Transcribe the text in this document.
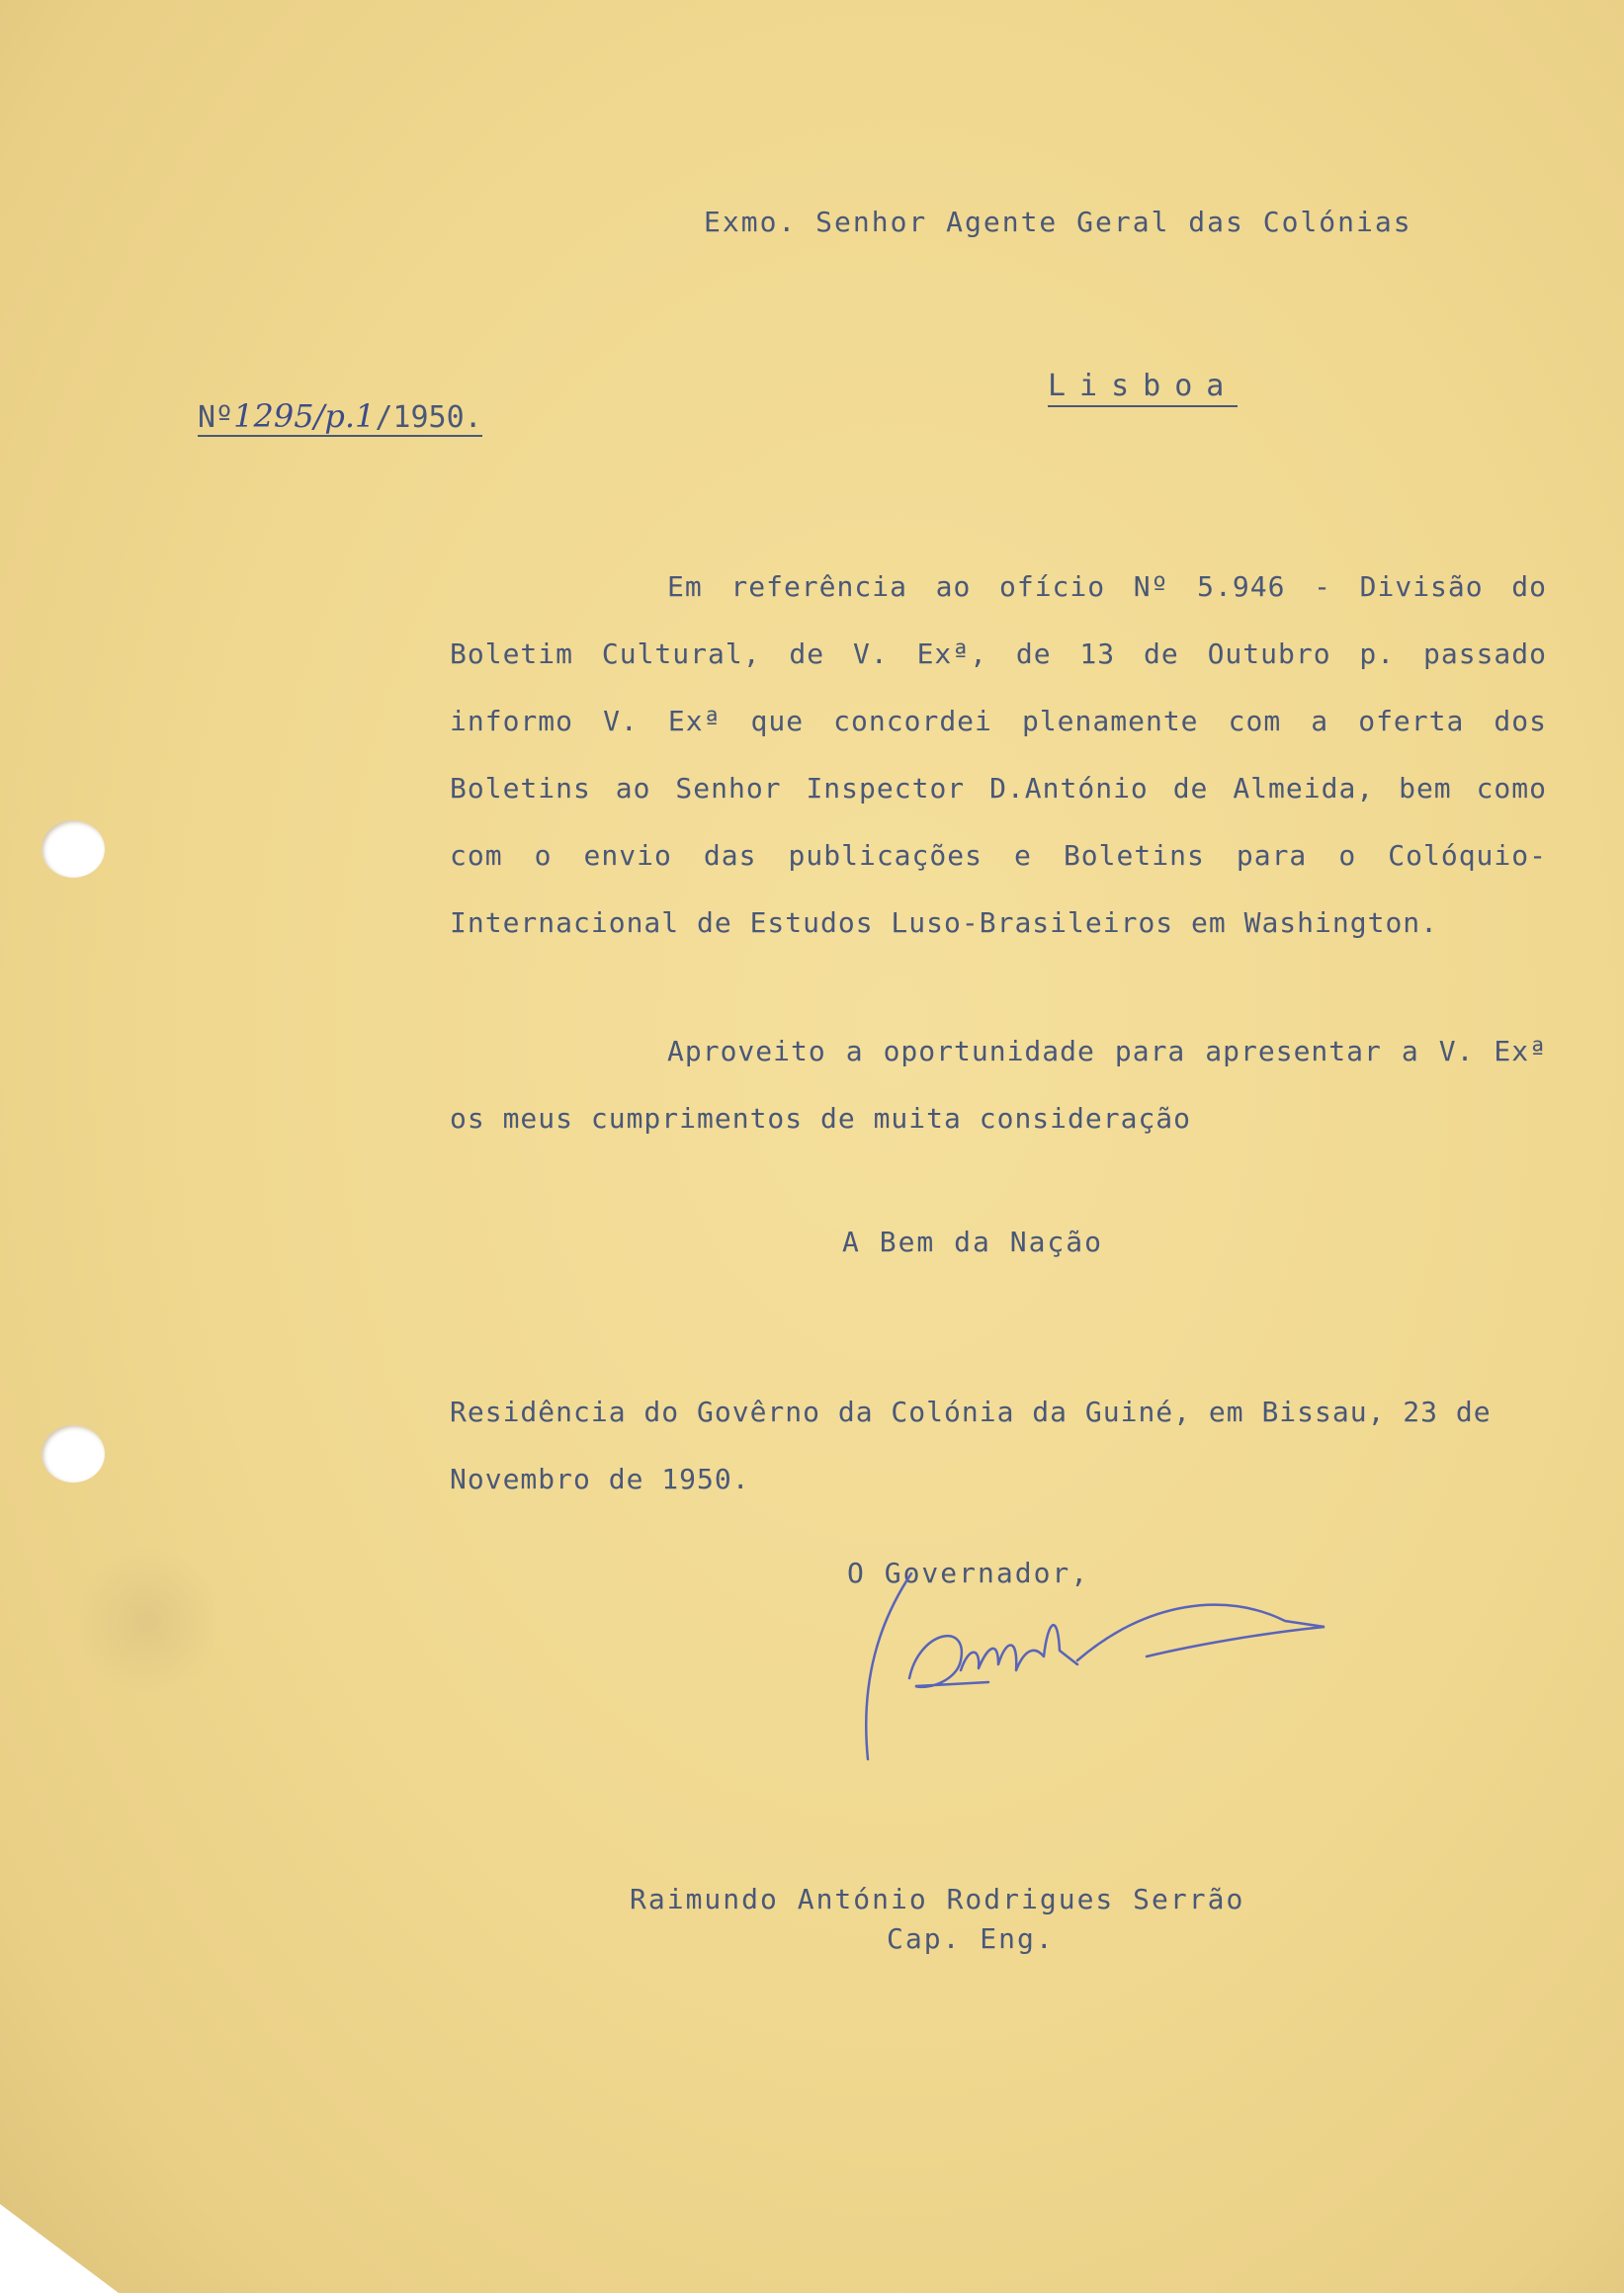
Exmo. Senhor Agente Geral das Colónias

Lisboa

Nº1295/p.1/1950.

Em referência ao ofício Nº 5.946 - Divisão do Boletim Cultural, de V. Exª, de 13 de Outubro p. passado informo V. Exª que concordei plenamente com a oferta dos Boletins ao Senhor Inspector D.António de Almeida, bem como com o envio das publicações e Boletins para o Colóquio-Internacional de Estudos Luso-Brasileiros em Washington.

Aproveito a oportunidade para apresentar a V. Exª os meus cumprimentos de muita consideração

A Bem da Nação

Residência do Govêrno da Colónia da Guiné, em Bissau, 23 de Novembro de 1950.

O Governador,

Raimundo António Rodrigues Serrão

Cap. Eng.
